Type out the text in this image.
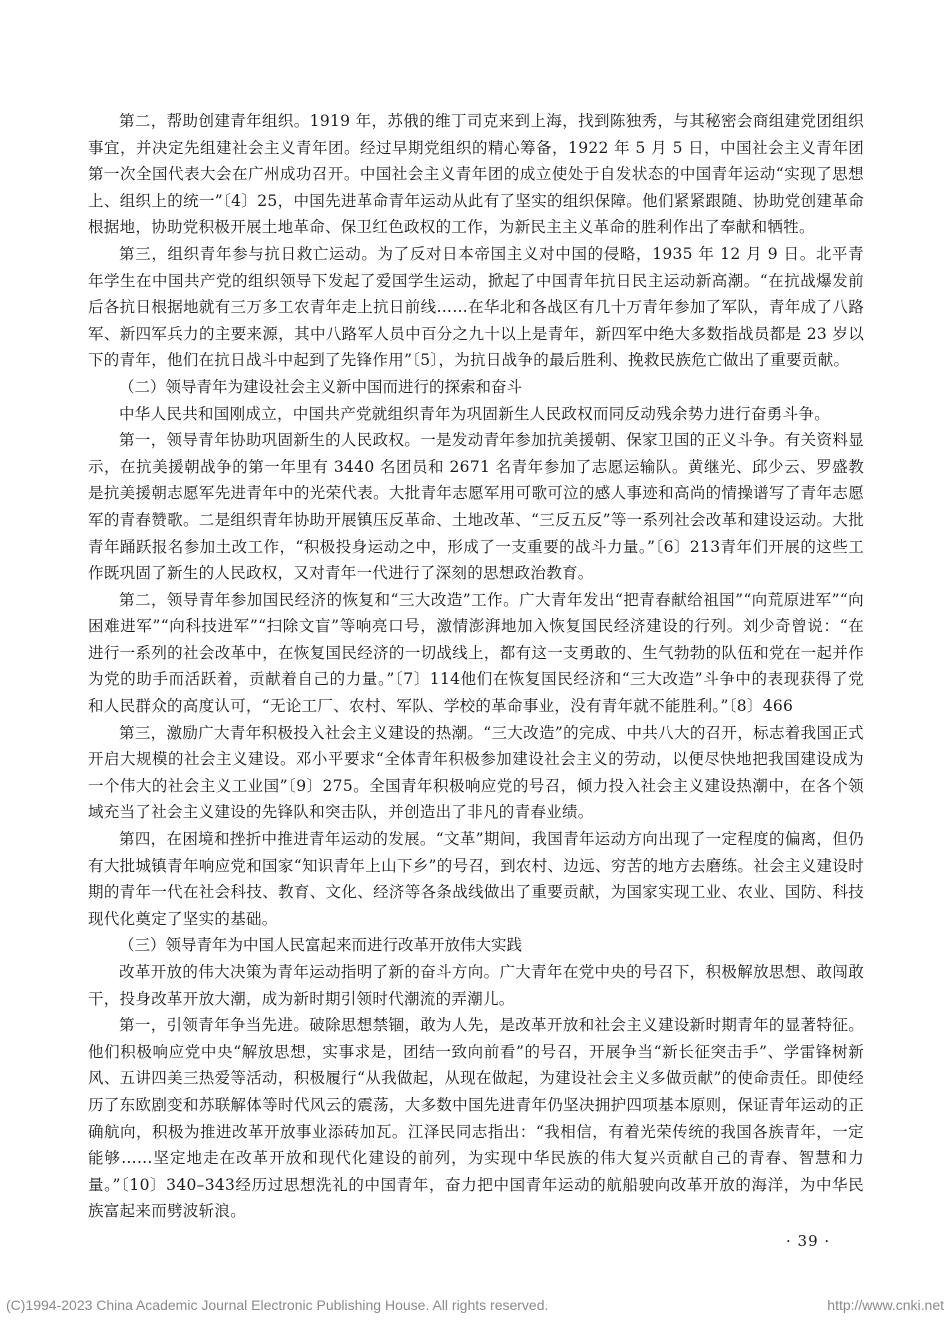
第二，帮助创建青年组织。1919 年，苏俄的维丁司克来到上海，找到陈独秀，与其秘密会商组建党团组织事宜，并决定先组建社会主义青年团。经过早期党组织的精心筹备，1922 年 5 月 5 日，中国社会主义青年团第一次全国代表大会在广州成功召开。中国社会主义青年团的成立使处于自发状态的中国青年运动“实现了思想上、组织上的统一”〔4〕25，中国先进革命青年运动从此有了坚实的组织保障。他们紧紧跟随、协助党创建革命根据地，协助党积极开展土地革命、保卫红色政权的工作，为新民主主义革命的胜利作出了奉献和牺牲。

第三，组织青年参与抗日救亡运动。为了反对日本帝国主义对中国的侵略，1935 年 12 月 9 日。北平青年学生在中国共产党的组织领导下发起了爱国学生运动，掀起了中国青年抗日民主运动新高潮。“在抗战爆发前后各抗日根据地就有三万多工农青年走上抗日前线……在华北和各战区有几十万青年参加了军队，青年成了八路军、新四军兵力的主要来源，其中八路军人员中百分之九十以上是青年，新四军中绝大多数指战员都是 23 岁以下的青年，他们在抗日战斗中起到了先锋作用”〔5〕，为抗日战争的最后胜利、挽救民族危亡做出了重要贡献。

（二）领导青年为建设社会主义新中国而进行的探索和奋斗

中华人民共和国刚成立，中国共产党就组织青年为巩固新生人民政权而同反动残余势力进行奋勇斗争。

第一，领导青年协助巩固新生的人民政权。一是发动青年参加抗美援朝、保家卫国的正义斗争。有关资料显示，在抗美援朝战争的第一年里有 3440 名团员和 2671 名青年参加了志愿运输队。黄继光、邱少云、罗盛教是抗美援朝志愿军先进青年中的光荣代表。大批青年志愿军用可歌可泣的感人事迹和高尚的情操谱写了青年志愿军的青春赞歌。二是组织青年协助开展镇压反革命、土地改革、“三反五反”等一系列社会改革和建设运动。大批青年踊跃报名参加土改工作，“积极投身运动之中，形成了一支重要的战斗力量。”〔6〕213青年们开展的这些工作既巩固了新生的人民政权，又对青年一代进行了深刻的思想政治教育。

第二，领导青年参加国民经济的恢复和“三大改造”工作。广大青年发出“把青春献给祖国”“向荒原进军”“向困难进军”“向科技进军”“扫除文盲”等响亮口号，激情澎湃地加入恢复国民经济建设的行列。刘少奇曾说：“在进行一系列的社会改革中，在恢复国民经济的一切战线上，都有这一支勇敢的、生气勃勃的队伍和党在一起并作为党的助手而活跃着，贡献着自己的力量。”〔7〕114他们在恢复国民经济和“三大改造”斗争中的表现获得了党和人民群众的高度认可，“无论工厂、农村、军队、学校的革命事业，没有青年就不能胜利。”〔8〕466

第三，激励广大青年积极投入社会主义建设的热潮。“三大改造”的完成、中共八大的召开，标志着我国正式开启大规模的社会主义建设。邓小平要求“全体青年积极参加建设社会主义的劳动，以便尽快地把我国建设成为一个伟大的社会主义工业国”〔9〕275。全国青年积极响应党的号召，倾力投入社会主义建设热潮中，在各个领域充当了社会主义建设的先锋队和突击队，并创造出了非凡的青春业绩。

第四，在困境和挫折中推进青年运动的发展。“文革”期间，我国青年运动方向出现了一定程度的偏离，但仍有大批城镇青年响应党和国家“知识青年上山下乡”的号召，到农村、边远、穷苦的地方去磨练。社会主义建设时期的青年一代在社会科技、教育、文化、经济等各条战线做出了重要贡献，为国家实现工业、农业、国防、科技现代化奠定了坚实的基础。

（三）领导青年为中国人民富起来而进行改革开放伟大实践

改革开放的伟大决策为青年运动指明了新的奋斗方向。广大青年在党中央的号召下，积极解放思想、敢闯敢干，投身改革开放大潮，成为新时期引领时代潮流的弄潮儿。

第一，引领青年争当先进。破除思想禁锢，敢为人先，是改革开放和社会主义建设新时期青年的显著特征。他们积极响应党中央“解放思想，实事求是，团结一致向前看”的号召，开展争当“新长征突击手”、学雷锋树新风、五讲四美三热爱等活动，积极履行“从我做起，从现在做起，为建设社会主义多做贡献”的使命责任。即使经历了东欧剧变和苏联解体等时代风云的震荡，大多数中国先进青年仍坚决拥护四项基本原则，保证青年运动的正确航向，积极为推进改革开放事业添砖加瓦。江泽民同志指出：“我相信，有着光荣传统的我国各族青年，一定能够……坚定地走在改革开放和现代化建设的前列，为实现中华民族的伟大复兴贡献自己的青春、智慧和力量。”〔10〕340–343经历过思想洗礼的中国青年，奋力把中国青年运动的航船驶向改革开放的海洋，为中华民族富起来而劈波斩浪。

· 39 ·
(C)1994-2023 China Academic Journal Electronic Publishing House. All rights reserved.	http://www.cnki.net
